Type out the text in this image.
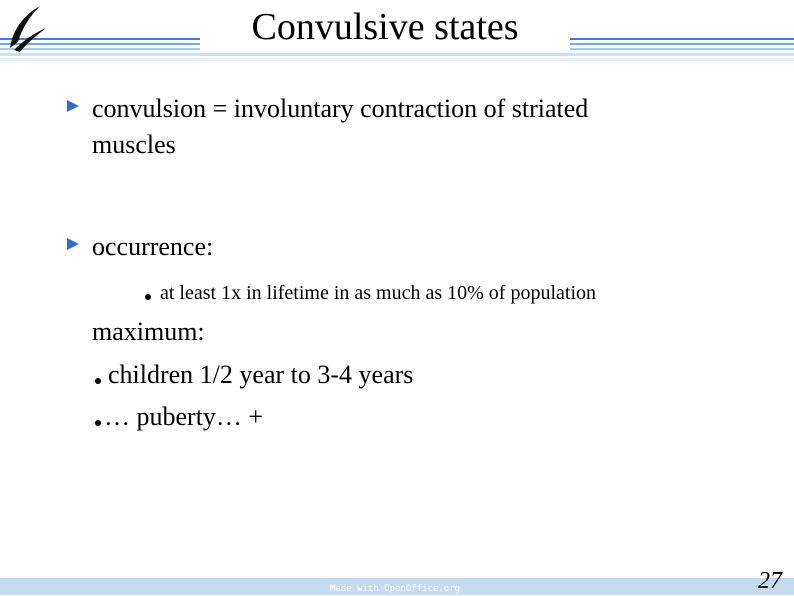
Convulsive states
convulsion = involuntary contraction of striated
muscles
occurrence:
at least 1x in lifetime in as much as 10% of population
maximum:
children 1/2 year to 3-4 years
… puberty… +
Made with OpenOffice.org	27
